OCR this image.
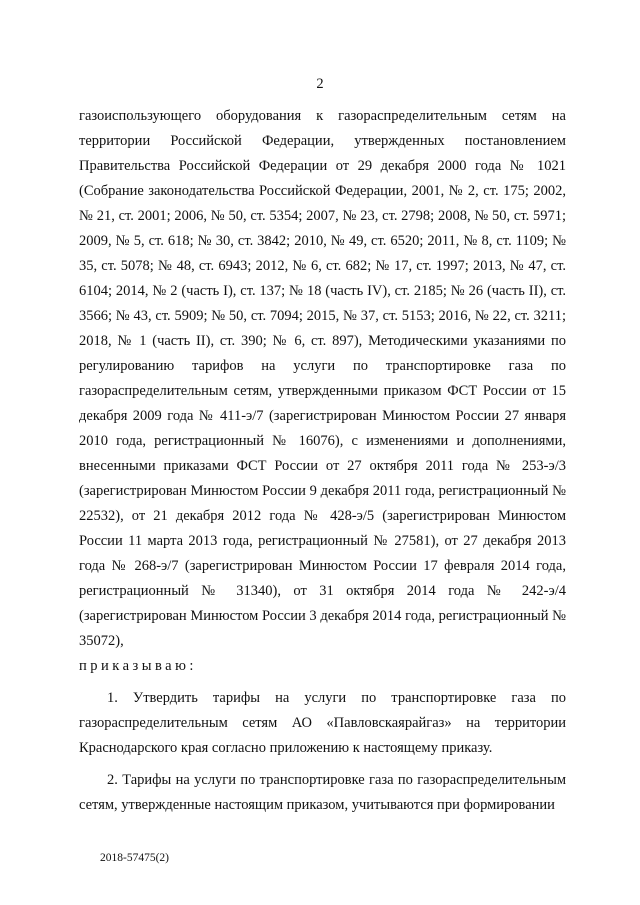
2

газоиспользующего оборудования к газораспределительным сетям на территории Российской Федерации, утвержденных постановлением Правительства Российской Федерации от 29 декабря 2000 года № 1021 (Собрание законодательства Российской Федерации, 2001, № 2, ст. 175; 2002, № 21, ст. 2001; 2006, № 50, ст. 5354; 2007, № 23, ст. 2798; 2008, № 50, ст. 5971; 2009, № 5, ст. 618; № 30, ст. 3842; 2010, № 49, ст. 6520; 2011, № 8, ст. 1109; № 35, ст. 5078; № 48, ст. 6943; 2012, № 6, ст. 682; № 17, ст. 1997; 2013, № 47, ст. 6104; 2014, № 2 (часть I), ст. 137; № 18 (часть IV), ст. 2185; № 26 (часть II), ст. 3566; № 43, ст. 5909; № 50, ст. 7094; 2015, № 37, ст. 5153; 2016, № 22, ст. 3211; 2018, № 1 (часть II), ст. 390; № 6, ст. 897), Методическими указаниями по регулированию тарифов на услуги по транспортировке газа по газораспределительным сетям, утвержденными приказом ФСТ России от 15 декабря 2009 года № 411-э/7 (зарегистрирован Минюстом России 27 января 2010 года, регистрационный № 16076), с изменениями и дополнениями, внесенными приказами ФСТ России от 27 октября 2011 года № 253-э/3 (зарегистрирован Минюстом России 9 декабря 2011 года, регистрационный № 22532), от 21 декабря 2012 года № 428-э/5 (зарегистрирован Минюстом России 11 марта 2013 года, регистрационный № 27581), от 27 декабря 2013 года № 268-э/7 (зарегистрирован Минюстом России 17 февраля 2014 года, регистрационный № 31340), от 31 октября 2014 года № 242-э/4 (зарегистрирован Минюстом России 3 декабря 2014 года, регистрационный № 35072),

приказываю:

1. Утвердить тарифы на услуги по транспортировке газа по газораспределительным сетям АО «Павловскаярайгаз» на территории Краснодарского края согласно приложению к настоящему приказу.

2. Тарифы на услуги по транспортировке газа по газораспределительным сетям, утвержденные настоящим приказом, учитываются при формировании

2018-57475(2)
